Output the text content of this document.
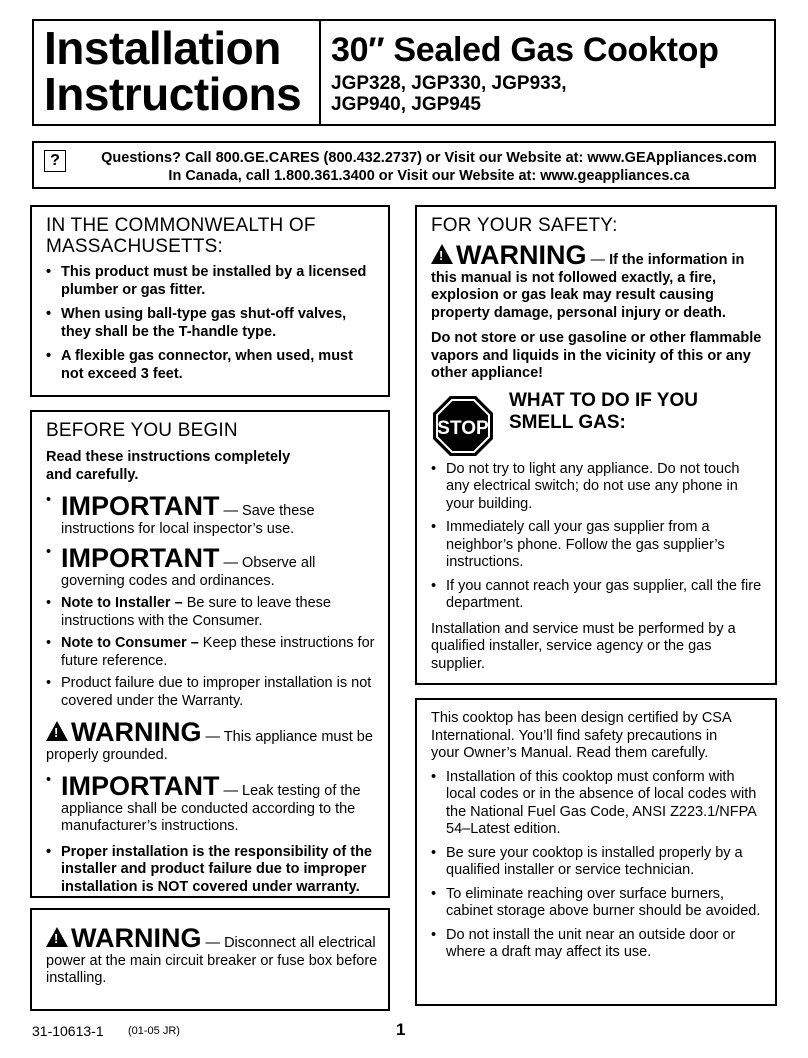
Installation
Instructions
30″ Sealed Gas Cooktop
JGP328, JGP330, JGP933, JGP940, JGP945
?	Questions? Call 800.GE.CARES (800.432.2737) or Visit our Website at: www.GEAppliances.com
In Canada, call 1.800.361.3400 or Visit our Website at: www.geappliances.ca
IN THE COMMONWEALTH OF MASSACHUSETTS:
• This product must be installed by a licensed plumber or gas fitter.
• When using ball-type gas shut-off valves, they shall be the T-handle type.
• A flexible gas connector, when used, must not exceed 3 feet.
BEFORE YOU BEGIN

Read these instructions completely and carefully.

• IMPORTANT — Save these instructions for local inspector’s use.
• IMPORTANT — Observe all governing codes and ordinances.
• Note to Installer – Be sure to leave these instructions with the Consumer.
• Note to Consumer – Keep these instructions for future reference.
• Product failure due to improper installation is not covered under the Warranty.

!WARNING — This appliance must be properly grounded.

• IMPORTANT — Leak testing of the appliance shall be conducted according to the manufacturer’s instructions.
• Proper installation is the responsibility of the installer and product failure due to improper installation is NOT covered under warranty.

!WARNING — Disconnect all electrical power at the main circuit breaker or fuse box before installing.

FOR YOUR SAFETY:

!WARNING — If the information in this manual is not followed exactly, a fire, explosion or gas leak may result causing property damage, personal injury or death.

Do not store or use gasoline or other flammable vapors and liquids in the vicinity of this or any other appliance!

STOP
WHAT TO DO IF YOU SMELL GAS:
• Do not try to light any appliance. Do not touch any electrical switch; do not use any phone in your building.
• Immediately call your gas supplier from a neighbor’s phone. Follow the gas supplier’s instructions.
• If you cannot reach your gas supplier, call the fire department.

Installation and service must be performed by a qualified installer, service agency or the gas supplier.

This cooktop has been design certified by CSA International. You’ll find safety precautions in your Owner’s Manual. Read them carefully.

• Installation of this cooktop must conform with local codes or in the absence of local codes with the National Fuel Gas Code, ANSI Z223.1/NFPA 54–Latest edition.
• Be sure your cooktop is installed properly by a qualified installer or service technician.
• To eliminate reaching over surface burners, cabinet storage above burner should be avoided.
• Do not install the unit near an outside door or where a draft may affect its use.
31-10613-1 (01-05 JR)	1
